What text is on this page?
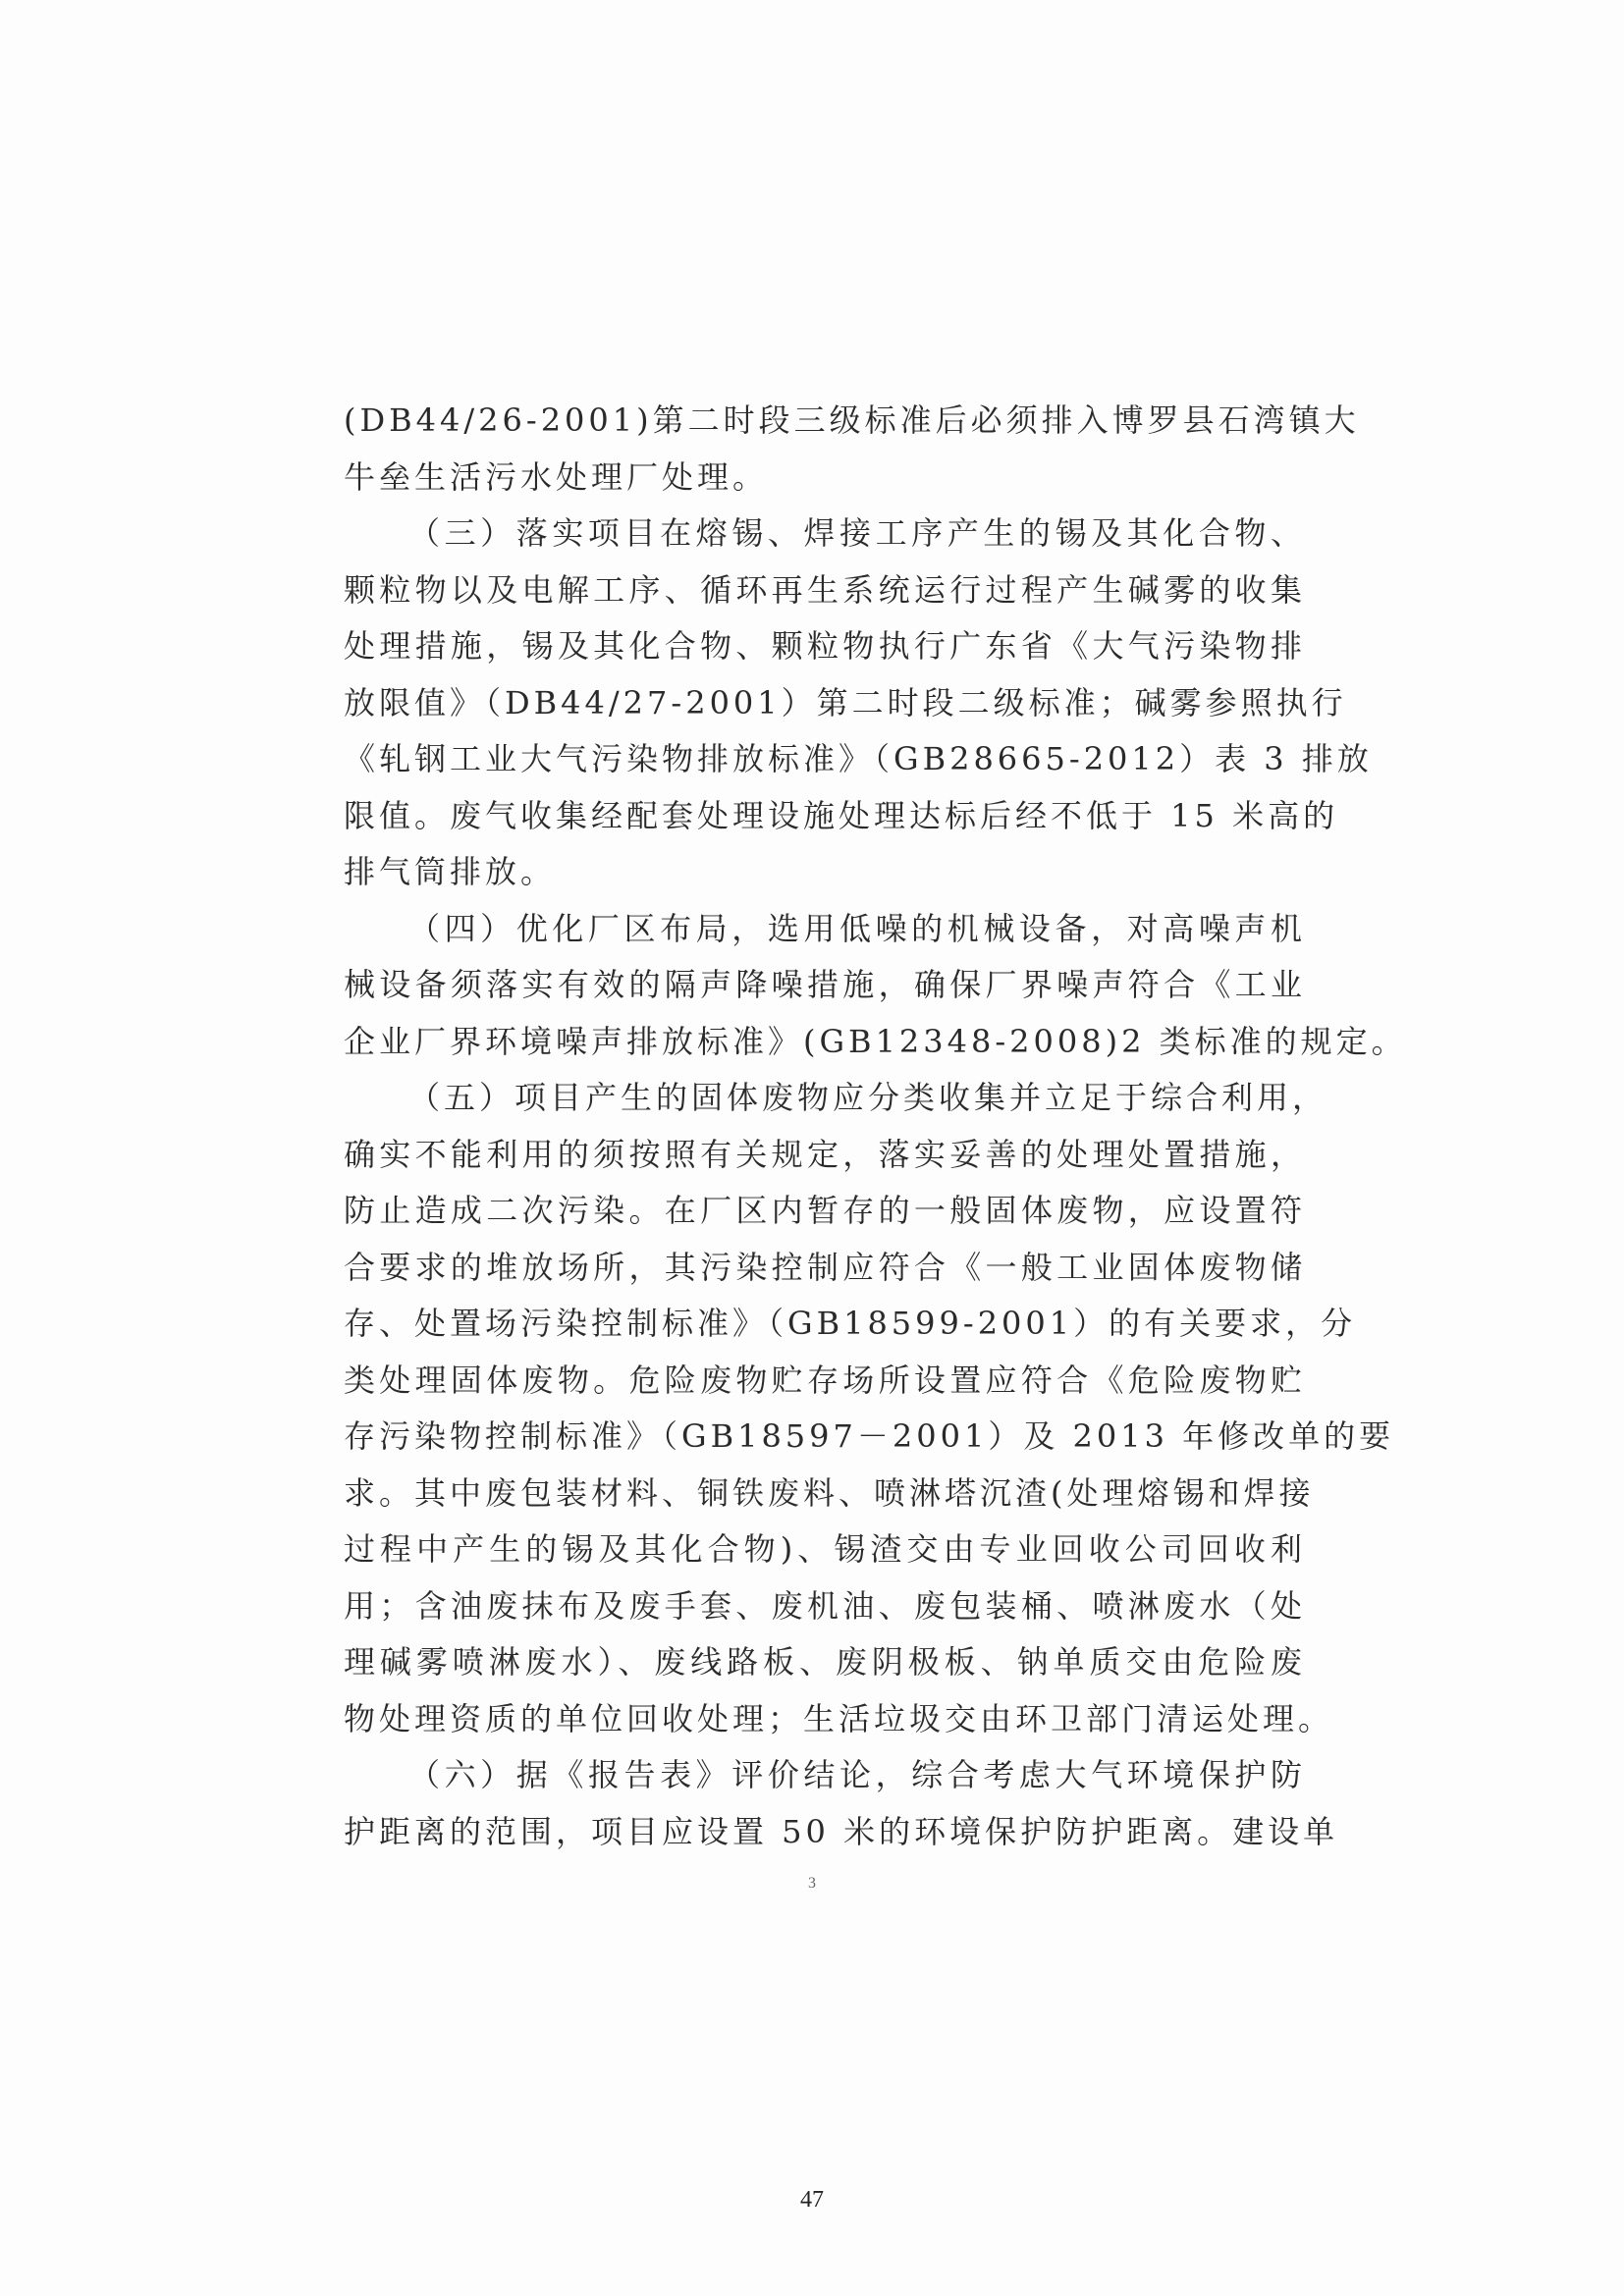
(DB44/26-2001)第二时段三级标准后必须排入博罗县石湾镇大
牛垒生活污水处理厂处理。
（三）落实项目在熔锡、焊接工序产生的锡及其化合物、
颗粒物以及电解工序、循环再生系统运行过程产生碱雾的收集
处理措施，锡及其化合物、颗粒物执行广东省《大气污染物排
放限值》（DB44/27-2001）第二时段二级标准；碱雾参照执行
《轧钢工业大气污染物排放标准》（GB28665-2012）表 3 排放
限值。废气收集经配套处理设施处理达标后经不低于 15 米高的
排气筒排放。
（四）优化厂区布局，选用低噪的机械设备，对高噪声机
械设备须落实有效的隔声降噪措施，确保厂界噪声符合《工业
企业厂界环境噪声排放标准》(GB12348-2008)2 类标准的规定。
（五）项目产生的固体废物应分类收集并立足于综合利用，
确实不能利用的须按照有关规定，落实妥善的处理处置措施，
防止造成二次污染。在厂区内暂存的一般固体废物，应设置符
合要求的堆放场所，其污染控制应符合《一般工业固体废物储
存、处置场污染控制标准》（GB18599-2001）的有关要求，分
类处理固体废物。危险废物贮存场所设置应符合《危险废物贮
存污染物控制标准》（GB18597－2001）及 2013 年修改单的要
求。其中废包装材料、铜铁废料、喷淋塔沉渣(处理熔锡和焊接
过程中产生的锡及其化合物)、锡渣交由专业回收公司回收利
用；含油废抹布及废手套、废机油、废包装桶、喷淋废水（处
理碱雾喷淋废水）、废线路板、废阴极板、钠单质交由危险废
物处理资质的单位回收处理；生活垃圾交由环卫部门清运处理。
（六）据《报告表》评价结论，综合考虑大气环境保护防
护距离的范围，项目应设置 50 米的环境保护防护距离。建设单
3
47
